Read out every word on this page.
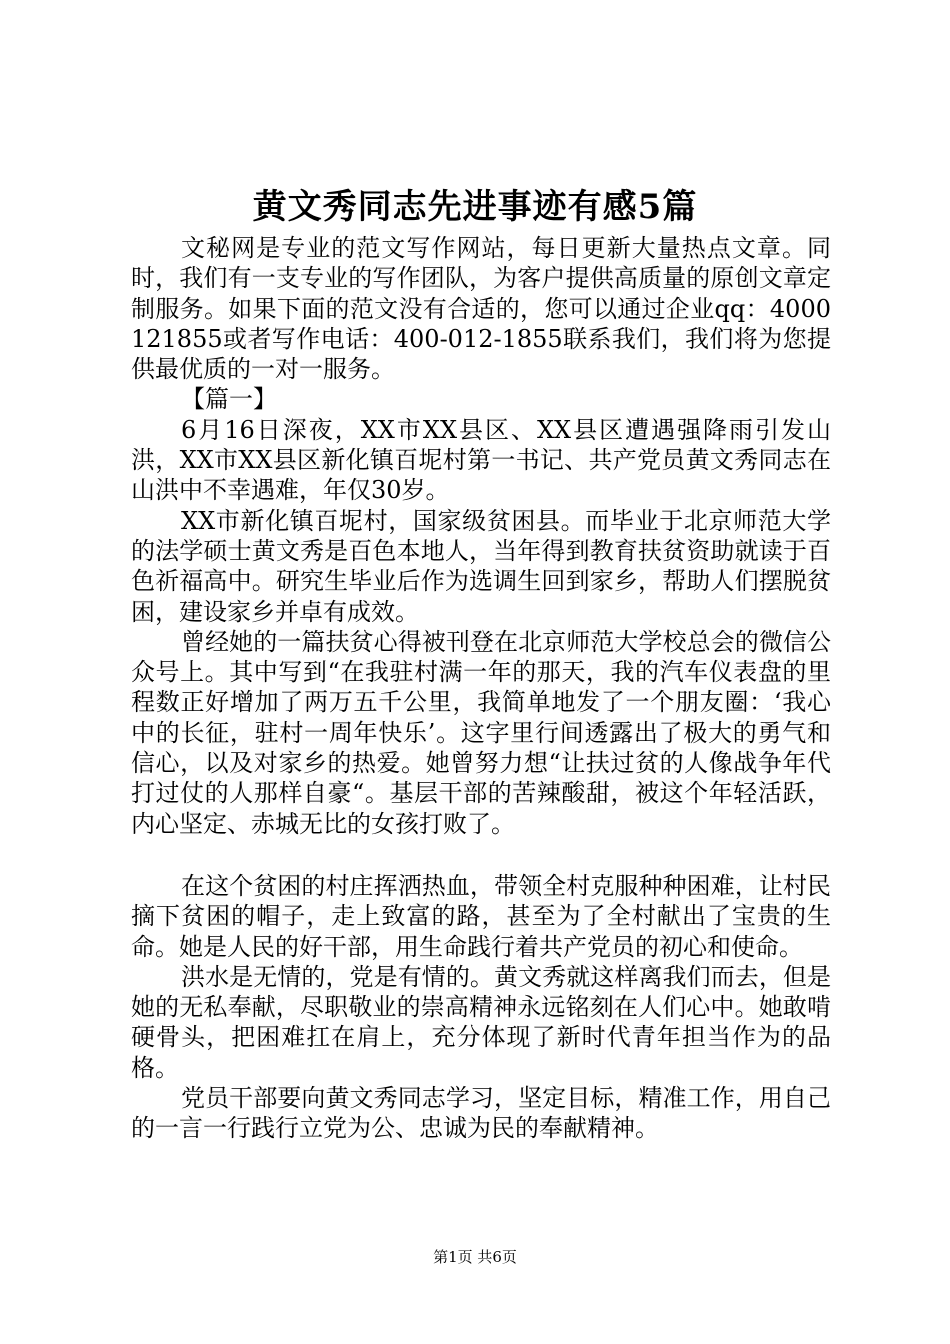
黄文秀同志先进事迹有感5篇

文秘网是专业的范文写作网站，每日更新大量热点文章。同时，我们有一支专业的写作团队，为客户提供高质量的原创文章定制服务。如果下面的范文没有合适的，您可以通过企业qq：4000121855或者写作电话：400-012-1855联系我们，我们将为您提供最优质的一对一服务。

【篇一】

6月16日深夜，XX市XX县区、XX县区遭遇强降雨引发山洪，XX市XX县区新化镇百坭村第一书记、共产党员黄文秀同志在山洪中不幸遇难，年仅30岁。

XX市新化镇百坭村，国家级贫困县。而毕业于北京师范大学的法学硕士黄文秀是百色本地人，当年得到教育扶贫资助就读于百色祈福高中。研究生毕业后作为选调生回到家乡，帮助人们摆脱贫困，建设家乡并卓有成效。

曾经她的一篇扶贫心得被刊登在北京师范大学校总会的微信公众号上。其中写到“在我驻村满一年的那天，我的汽车仪表盘的里程数正好增加了两万五千公里，我简单地发了一个朋友圈：‘我心中的长征，驻村一周年快乐’。这字里行间透露出了极大的勇气和信心，以及对家乡的热爱。她曾努力想“让扶过贫的人像战争年代打过仗的人那样自豪“。基层干部的苦辣酸甜，被这个年轻活跃，内心坚定、赤城无比的女孩打败了。

在这个贫困的村庄挥洒热血，带领全村克服种种困难，让村民摘下贫困的帽子，走上致富的路，甚至为了全村献出了宝贵的生命。她是人民的好干部，用生命践行着共产党员的初心和使命。

洪水是无情的，党是有情的。黄文秀就这样离我们而去，但是她的无私奉献，尽职敬业的崇高精神永远铭刻在人们心中。她敢啃硬骨头，把困难扛在肩上，充分体现了新时代青年担当作为的品格。

党员干部要向黄文秀同志学习，坚定目标，精准工作，用自己的一言一行践行立党为公、忠诚为民的奉献精神。

第1页 共6页
